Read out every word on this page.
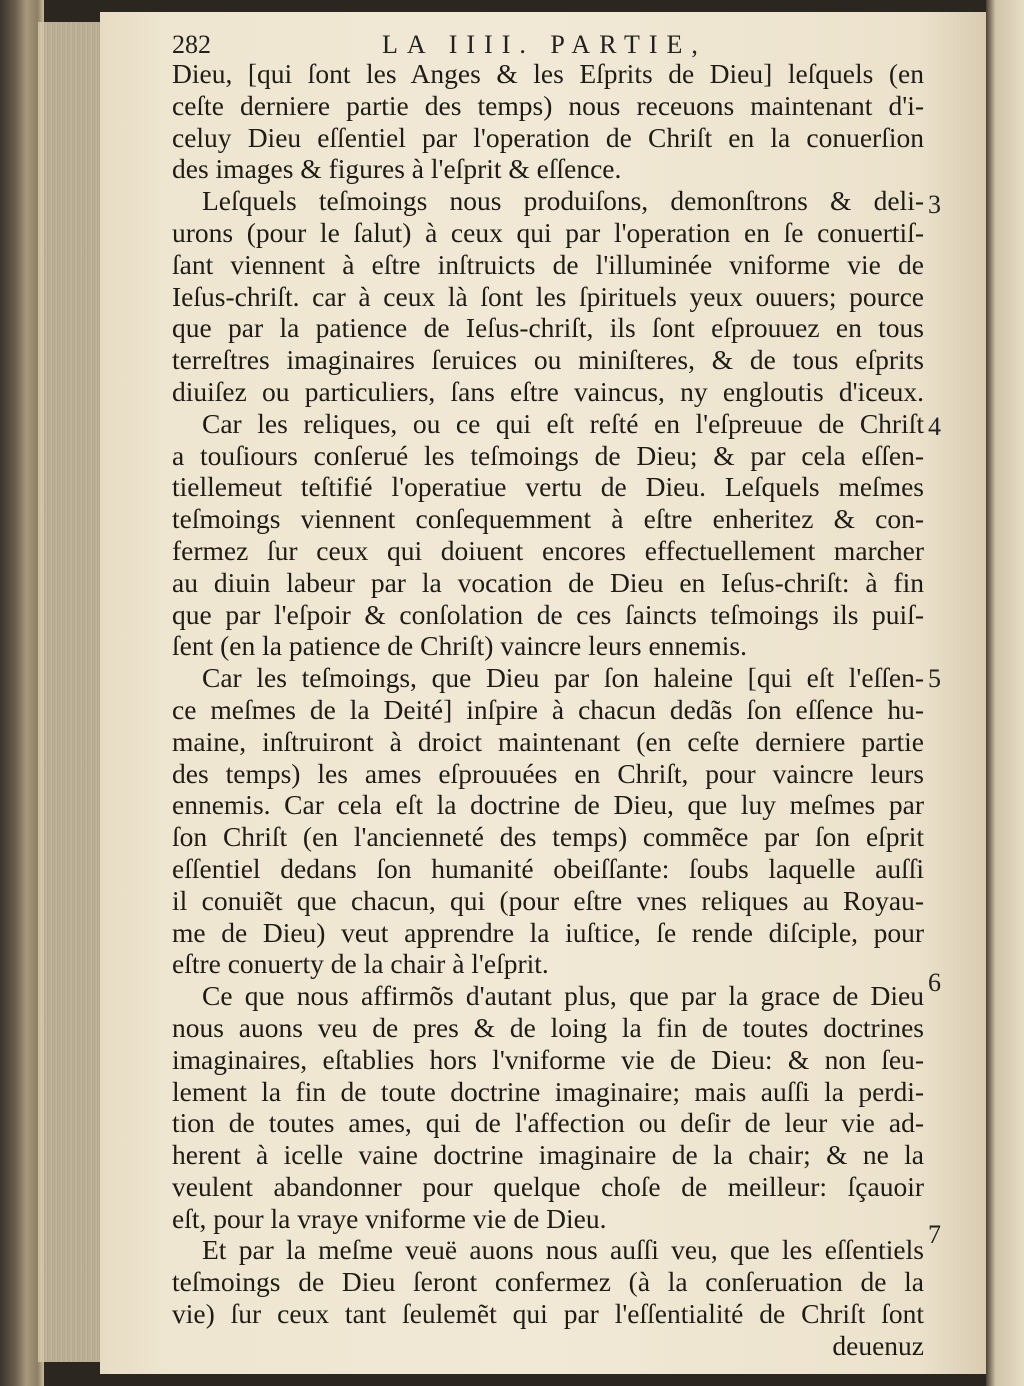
282	LA IIII. PARTIE,
Dieu, [qui ſont les Anges & les Eſprits de Dieu] leſquels (en
ceſte derniere partie des temps) nous receuons maintenant d'i-
celuy Dieu eſſentiel par l'operation de Chriſt en la conuerſion
des images & figures à l'eſprit & eſſence.
Leſquels teſmoings nous produiſons, demonſtrons & deli-
urons (pour le ſalut) à ceux qui par l'operation en ſe conuertiſ-
ſant viennent à eſtre inſtruicts de l'illuminée vniforme vie de
Ieſus-chriſt. car à ceux là ſont les ſpirituels yeux ouuers; pource
que par la patience de Ieſus-chriſt, ils ſont eſprouuez en tous
terreſtres imaginaires ſeruices ou miniſteres, & de tous eſprits
diuiſez ou particuliers, ſans eſtre vaincus, ny engloutis d'iceux.
Car les reliques, ou ce qui eſt reſté en l'eſpreuue de Chriſt
a touſiours conſerué les teſmoings de Dieu; & par cela eſſen-
tiellemeut teſtifié l'operatiue vertu de Dieu. Leſquels meſmes
teſmoings viennent conſequemment à eſtre enheritez & con-
fermez ſur ceux qui doiuent encores effectuellement marcher
au diuin labeur par la vocation de Dieu en Ieſus-chriſt: à fin
que par l'eſpoir & conſolation de ces ſaincts teſmoings ils puiſ-
ſent (en la patience de Chriſt) vaincre leurs ennemis.
Car les teſmoings, que Dieu par ſon haleine [qui eſt l'eſſen-
ce meſmes de la Deité] inſpire à chacun dedãs ſon eſſence hu-
maine, inſtruiront à droict maintenant (en ceſte derniere partie
des temps) les ames eſprouuées en Chriſt, pour vaincre leurs
ennemis. Car cela eſt la doctrine de Dieu, que luy meſmes par
ſon Chriſt (en l'ancienneté des temps) commẽce par ſon eſprit
eſſentiel dedans ſon humanité obeiſſante: ſoubs laquelle auſſi
il conuiẽt que chacun, qui (pour eſtre vnes reliques au Royau-
me de Dieu) veut apprendre la iuſtice, ſe rende diſciple, pour
eſtre conuerty de la chair à l'eſprit.
Ce que nous affirmõs d'autant plus, que par la grace de Dieu
nous auons veu de pres & de loing la fin de toutes doctrines
imaginaires, eſtablies hors l'vniforme vie de Dieu: & non ſeu-
lement la fin de toute doctrine imaginaire; mais auſſi la perdi-
tion de toutes ames, qui de l'affection ou deſir de leur vie ad-
herent à icelle vaine doctrine imaginaire de la chair; & ne la
veulent abandonner pour quelque choſe de meilleur: ſçauoir
eſt, pour la vraye vniforme vie de Dieu.
Et par la meſme veuë auons nous auſſi veu, que les eſſentiels
teſmoings de Dieu ſeront confermez (à la conſeruation de la
vie) ſur ceux tant ſeulemẽt qui par l'eſſentialité de Chriſt ſont
deuenuz
3
4
5
6
7
